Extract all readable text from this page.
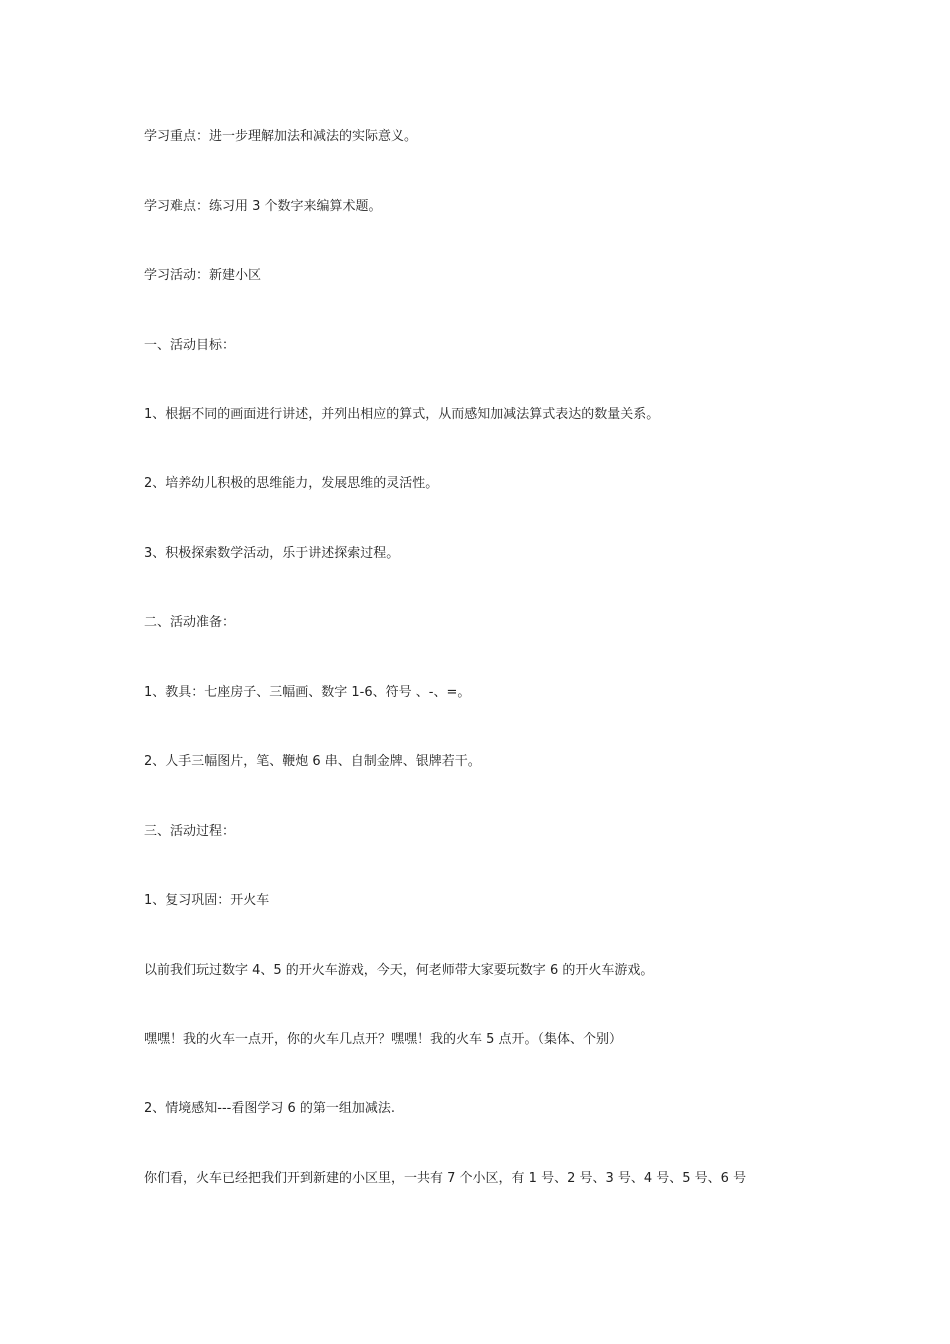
学习重点：进一步理解加法和减法的实际意义。
学习难点：练习用 3 个数字来编算术题。
学习活动：新建小区
一、活动目标：
1、根据不同的画面进行讲述，并列出相应的算式，从而感知加减法算式表达的数量关系。
2、培养幼儿积极的思维能力，发展思维的灵活性。
3、积极探索数学活动，乐于讲述探索过程。
二、活动准备：
1、教具：七座房子、三幅画、数字 1-6、符号 、-、=。
2、人手三幅图片，笔、鞭炮 6 串、自制金牌、银牌若干。
三、活动过程：
1、复习巩固：开火车
以前我们玩过数字 4、5 的开火车游戏，今天，何老师带大家要玩数字 6 的开火车游戏。
嘿嘿！我的火车一点开，你的火车几点开？嘿嘿！我的火车 5 点开。（集体、个别）
2、情境感知---看图学习 6 的第一组加减法.
你们看，火车已经把我们开到新建的小区里，一共有 7 个小区，有 1 号、2 号、3 号、4 号、5 号、6 号
